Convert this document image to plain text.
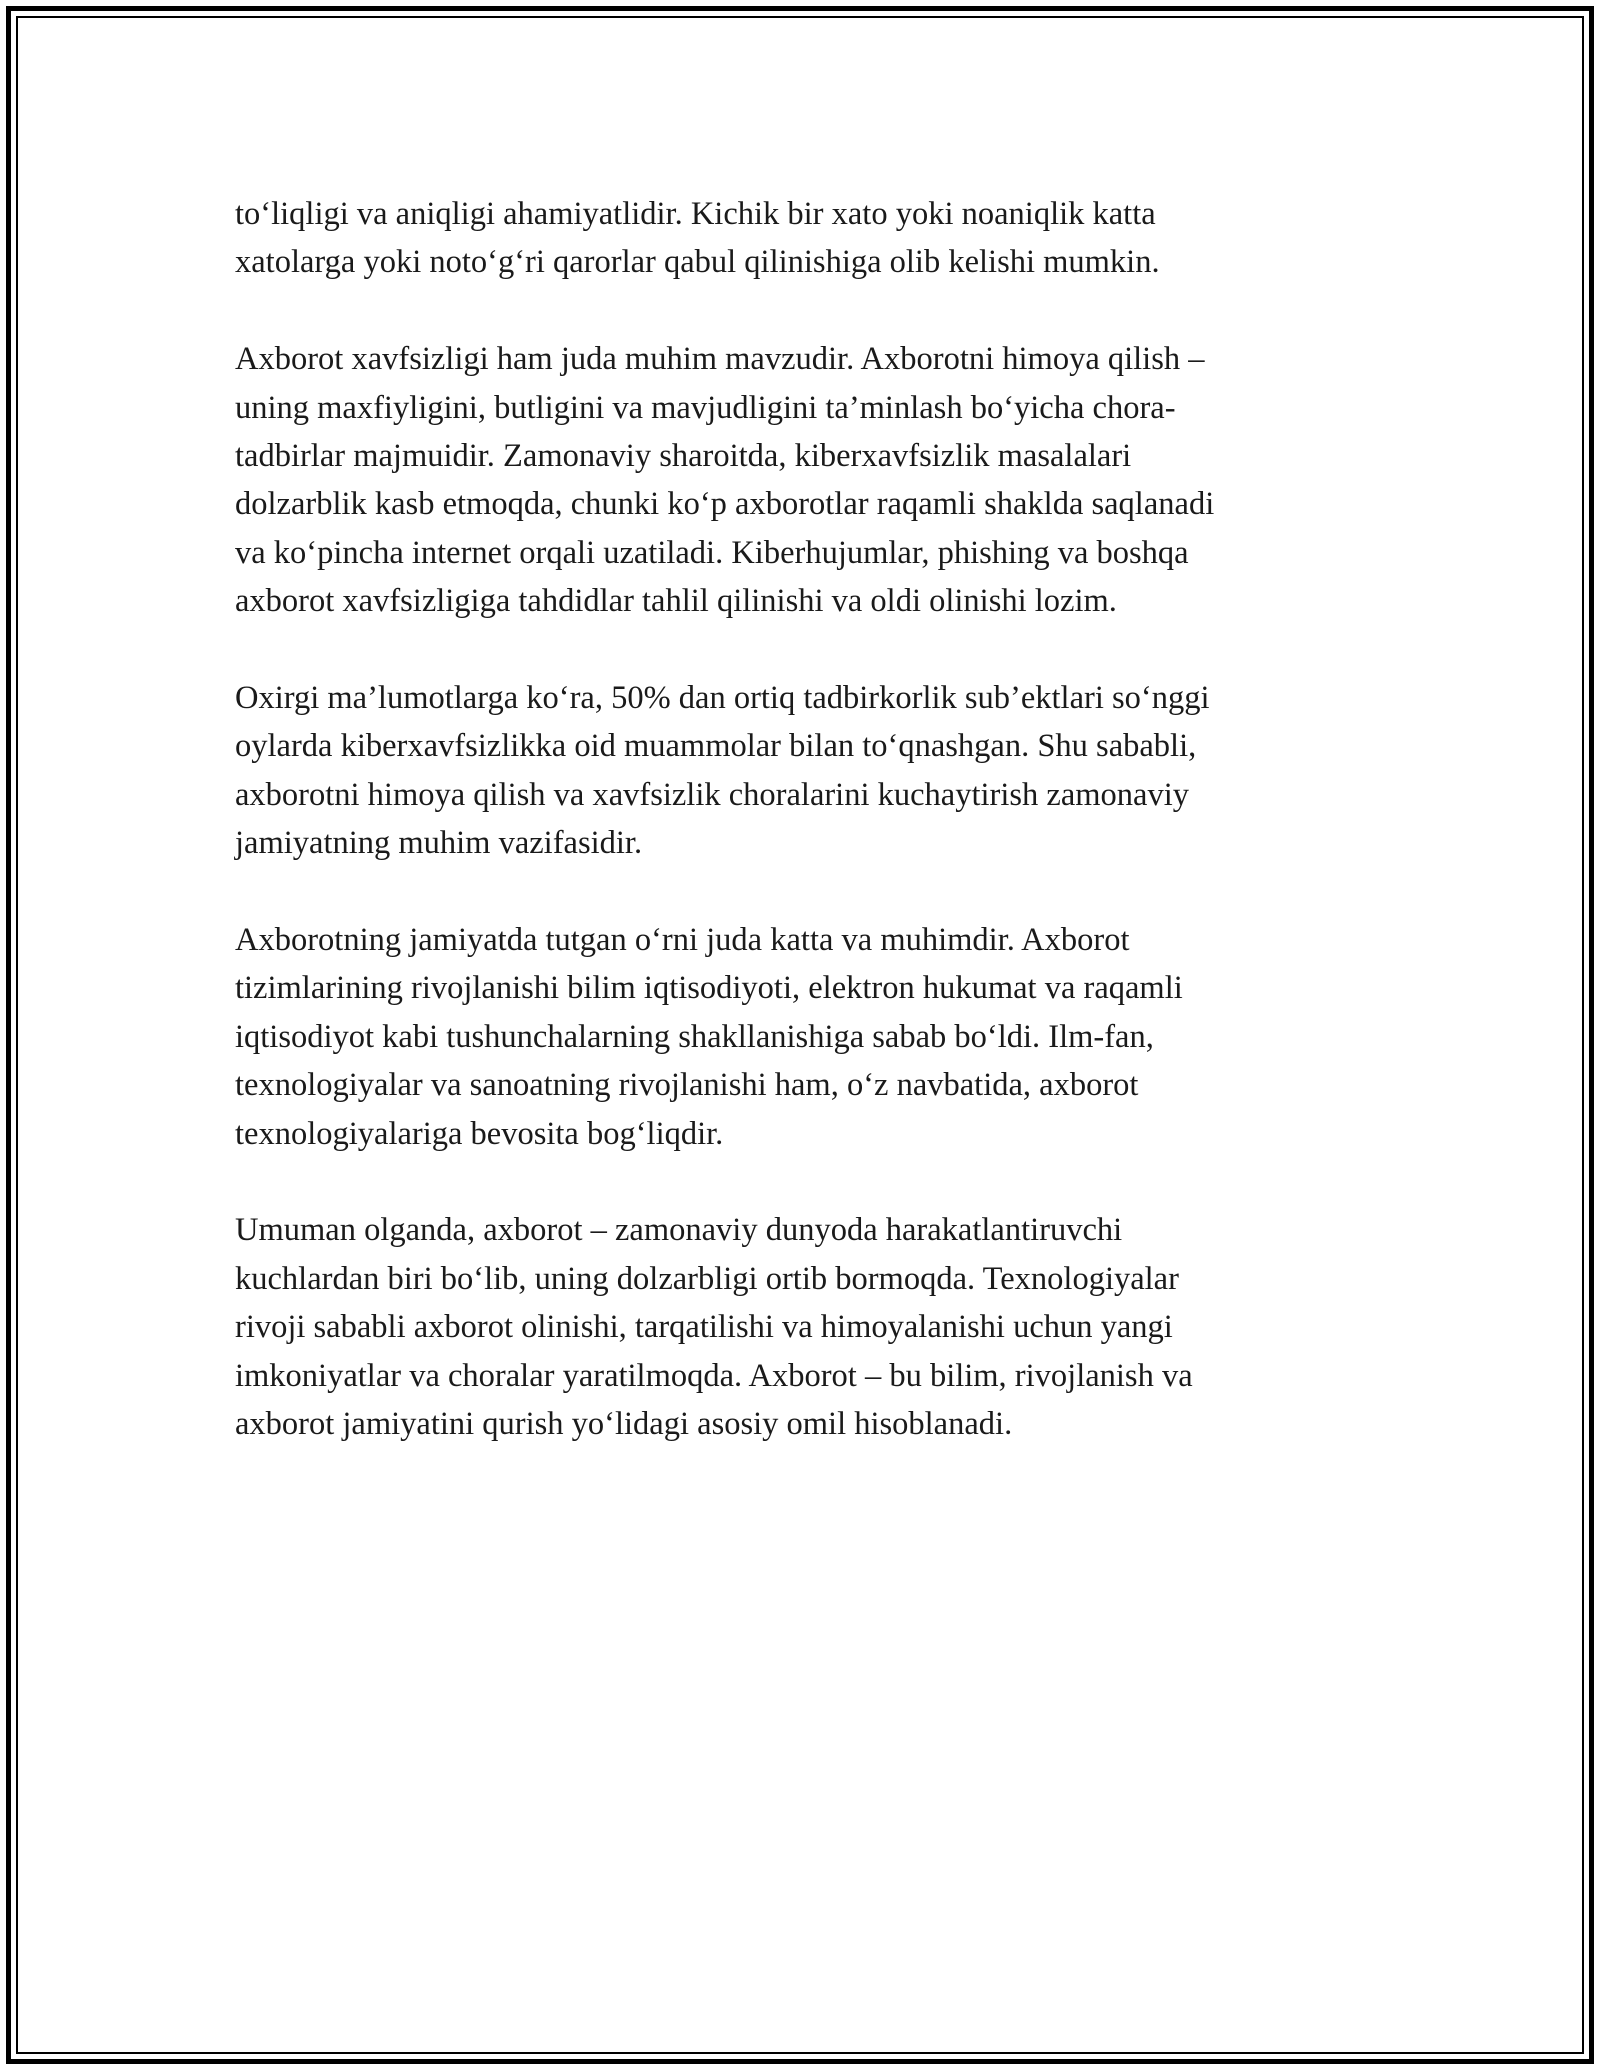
to‘liqligi va aniqligi ahamiyatlidir. Kichik bir xato yoki noaniqlik katta
xatolarga yoki noto‘g‘ri qarorlar qabul qilinishiga olib kelishi mumkin.

Axborot xavfsizligi ham juda muhim mavzudir. Axborotni himoya qilish –
uning maxfiyligini, butligini va mavjudligini ta’minlash bo‘yicha chora-
tadbirlar majmuidir. Zamonaviy sharoitda, kiberxavfsizlik masalalari
dolzarblik kasb etmoqda, chunki ko‘p axborotlar raqamli shaklda saqlanadi
va ko‘pincha internet orqali uzatiladi. Kiberhujumlar, phishing va boshqa
axborot xavfsizligiga tahdidlar tahlil qilinishi va oldi olinishi lozim.

Oxirgi ma’lumotlarga ko‘ra, 50% dan ortiq tadbirkorlik sub’ektlari so‘nggi
oylarda kiberxavfsizlikka oid muammolar bilan to‘qnashgan. Shu sababli,
axborotni himoya qilish va xavfsizlik choralarini kuchaytirish zamonaviy
jamiyatning muhim vazifasidir.

Axborotning jamiyatda tutgan o‘rni juda katta va muhimdir. Axborot
tizimlarining rivojlanishi bilim iqtisodiyoti, elektron hukumat va raqamli
iqtisodiyot kabi tushunchalarning shakllanishiga sabab bo‘ldi. Ilm-fan,
texnologiyalar va sanoatning rivojlanishi ham, o‘z navbatida, axborot
texnologiyalariga bevosita bog‘liqdir.

Umuman olganda, axborot – zamonaviy dunyoda harakatlantiruvchi
kuchlardan biri bo‘lib, uning dolzarbligi ortib bormoqda. Texnologiyalar
rivoji sababli axborot olinishi, tarqatilishi va himoyalanishi uchun yangi
imkoniyatlar va choralar yaratilmoqda. Axborot – bu bilim, rivojlanish va
axborot jamiyatini qurish yo‘lidagi asosiy omil hisoblanadi.
